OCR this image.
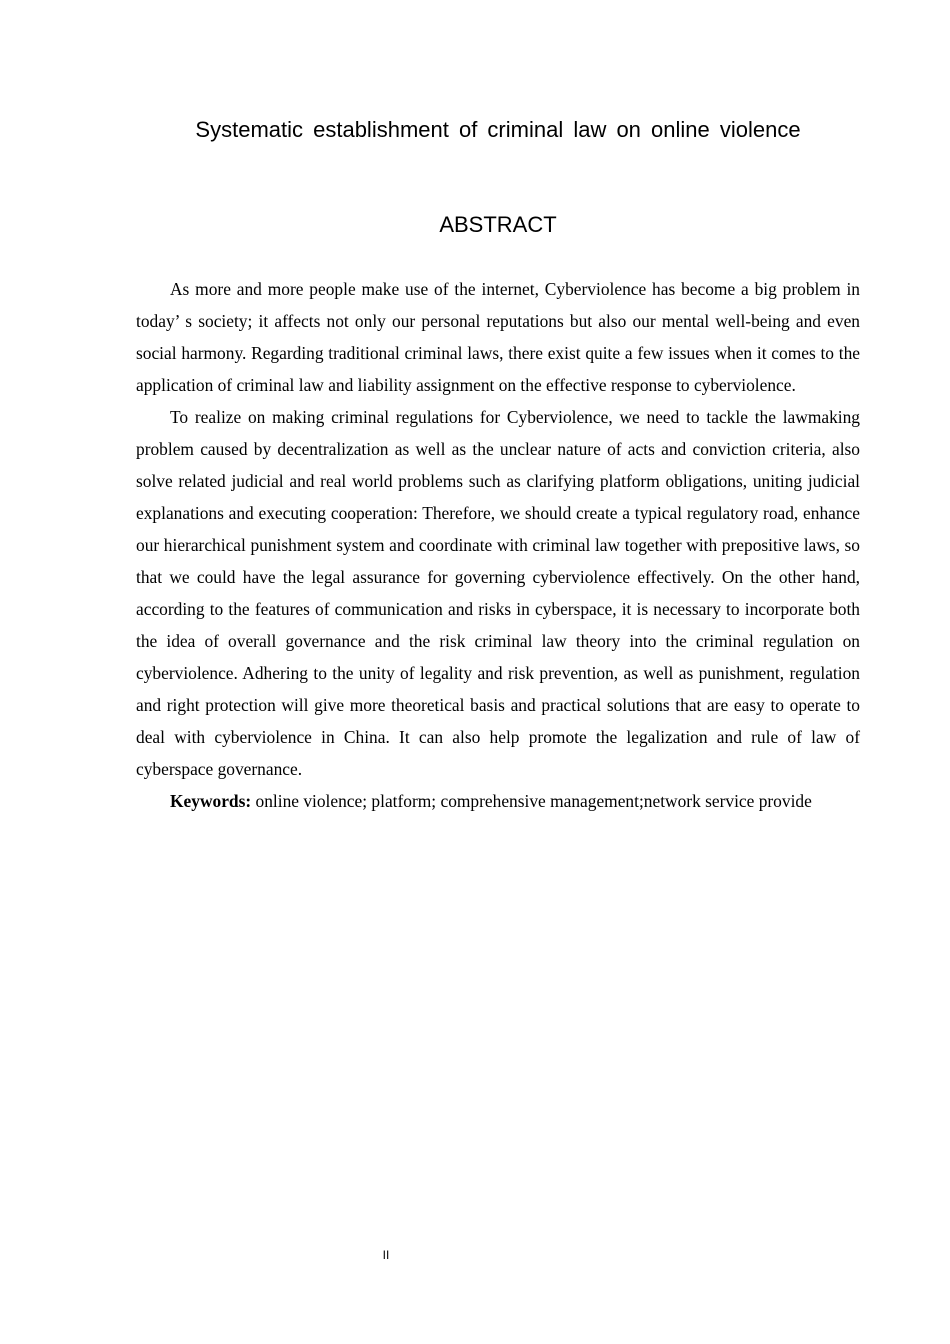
Systematic establishment of criminal law on online violence
ABSTRACT

As more and more people make use of the internet, Cyberviolence has become a big problem in today’ s society; it affects not only our personal reputations but also our mental well-being and even social harmony. Regarding traditional criminal laws, there exist quite a few issues when it comes to the application of criminal law and liability assignment on the effective response to cyberviolence.

To realize on making criminal regulations for Cyberviolence, we need to tackle the lawmaking problem caused by decentralization as well as the unclear nature of acts and conviction criteria, also solve related judicial and real world problems such as clarifying platform obligations, uniting judicial explanations and executing cooperation: Therefore, we should create a typical regulatory road, enhance our hierarchical punishment system and coordinate with criminal law together with prepositive laws, so that we could have the legal assurance for governing cyberviolence effectively. On the other hand, according to the features of communication and risks in cyberspace, it is necessary to incorporate both the idea of overall governance and the risk criminal law theory into the criminal regulation on cyberviolence. Adhering to the unity of legality and risk prevention, as well as punishment, regulation and right protection will give more theoretical basis and practical solutions that are easy to operate to deal with cyberviolence in China. It can also help promote the legalization and rule of law of cyberspace governance.

Keywords: online violence; platform; comprehensive management;network service provide

II
